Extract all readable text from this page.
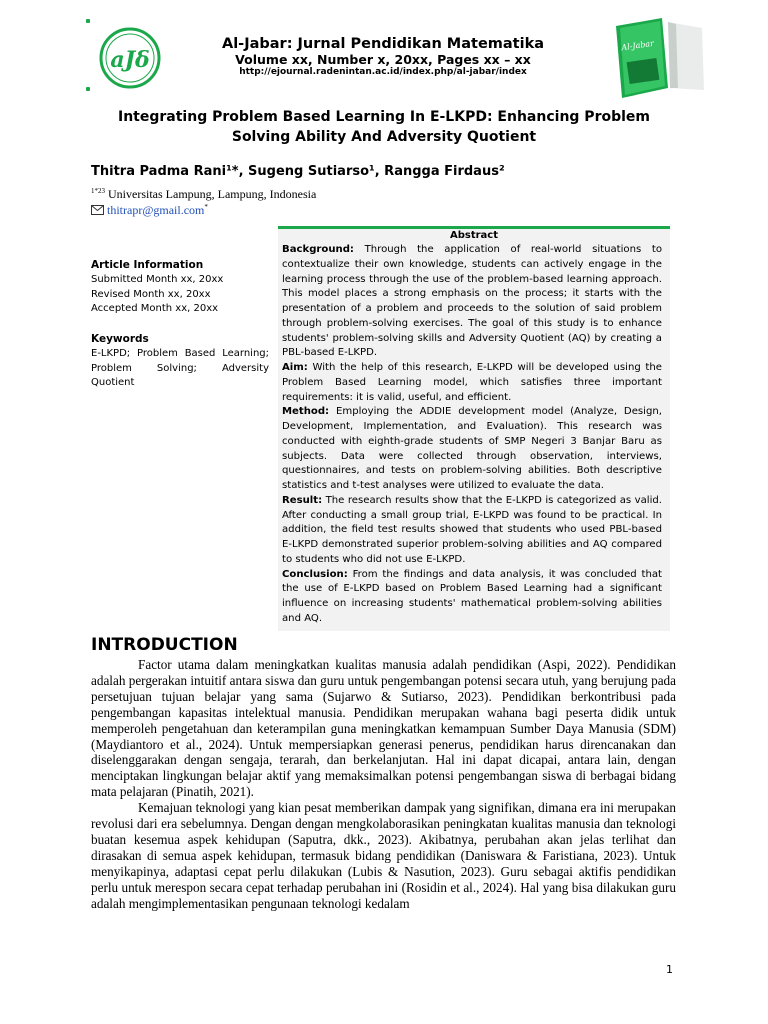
aJδ
Al-Jabar
Al-Jabar: Jurnal Pendidikan Matematika
Volume xx, Number x, 20xx, Pages xx – xx
http://ejournal.radenintan.ac.id/index.php/al-jabar/index
Integrating Problem Based Learning In E-LKPD: Enhancing Problem Solving Ability And Adversity Quotient
Thitra Padma Rani¹*, Sugeng Sutiarso¹, Rangga Firdaus²
$^{1*23}$ Universitas Lampung, Lampung, Indonesia
thitrapr@gmail.com*
Article Information
Submitted Month xx, 20xx
Revised Month xx, 20xx
Accepted Month xx, 20xx
Keywords
E-LKPD; Problem Based Learning; Problem Solving; Adversity Quotient
Abstract

Background: Through the application of real-world situations to contextualize their own knowledge, students can actively engage in the learning process through the use of the problem-based learning approach. This model places a strong emphasis on the process; it starts with the presentation of a problem and proceeds to the solution of said problem through problem-solving exercises. The goal of this study is to enhance students' problem-solving skills and Adversity Quotient (AQ) by creating a PBL-based E-LKPD.

Aim: With the help of this research, E-LKPD will be developed using the Problem Based Learning model, which satisfies three important requirements: it is valid, useful, and efficient.

Method: Employing the ADDIE development model (Analyze, Design, Development, Implementation, and Evaluation). This research was conducted with eighth-grade students of SMP Negeri 3 Banjar Baru as subjects. Data were collected through observation, interviews, questionnaires, and tests on problem-solving abilities. Both descriptive statistics and t-test analyses were utilized to evaluate the data.

Result: The research results show that the E-LKPD is categorized as valid. After conducting a small group trial, E-LKPD was found to be practical. In addition, the field test results showed that students who used PBL-based E-LKPD demonstrated superior problem-solving abilities and AQ compared to students who did not use E-LKPD.

Conclusion: From the findings and data analysis, it was concluded that the use of E-LKPD based on Problem Based Learning had a significant influence on increasing students' mathematical problem-solving abilities and AQ.

INTRODUCTION

Factor utama dalam meningkatkan kualitas manusia adalah pendidikan (Aspi, 2022). Pendidikan adalah pergerakan intuitif antara siswa dan guru untuk pengembangan potensi secara utuh, yang berujung pada persetujuan tujuan belajar yang sama (Sujarwo & Sutiarso, 2023). Pendidikan berkontribusi pada pengembangan kapasitas intelektual manusia. Pendidikan merupakan wahana bagi peserta didik untuk memperoleh pengetahuan dan keterampilan guna meningkatkan kemampuan Sumber Daya Manusia (SDM) (Maydiantoro et al., 2024). Untuk mempersiapkan generasi penerus, pendidikan harus direncanakan dan diselenggarakan dengan sengaja, terarah, dan berkelanjutan. Hal ini dapat dicapai, antara lain, dengan menciptakan lingkungan belajar aktif yang memaksimalkan potensi pengembangan siswa di berbagai bidang mata pelajaran (Pinatih, 2021).

Kemajuan teknologi yang kian pesat memberikan dampak yang signifikan, dimana era ini merupakan revolusi dari era sebelumnya. Dengan dengan mengkolaborasikan peningkatan kualitas manusia dan teknologi buatan kesemua aspek kehidupan (Saputra, dkk., 2023). Akibatnya, perubahan akan jelas terlihat dan dirasakan di semua aspek kehidupan, termasuk bidang pendidikan (Daniswara & Faristiana, 2023). Untuk menyikapinya, adaptasi cepat perlu dilakukan (Lubis & Nasution, 2023). Guru sebagai aktifis pendidikan perlu untuk merespon secara cepat terhadap perubahan ini (Rosidin et al., 2024). Hal yang bisa dilakukan guru adalah mengimplementasikan pengunaan teknologi kedalam

1
